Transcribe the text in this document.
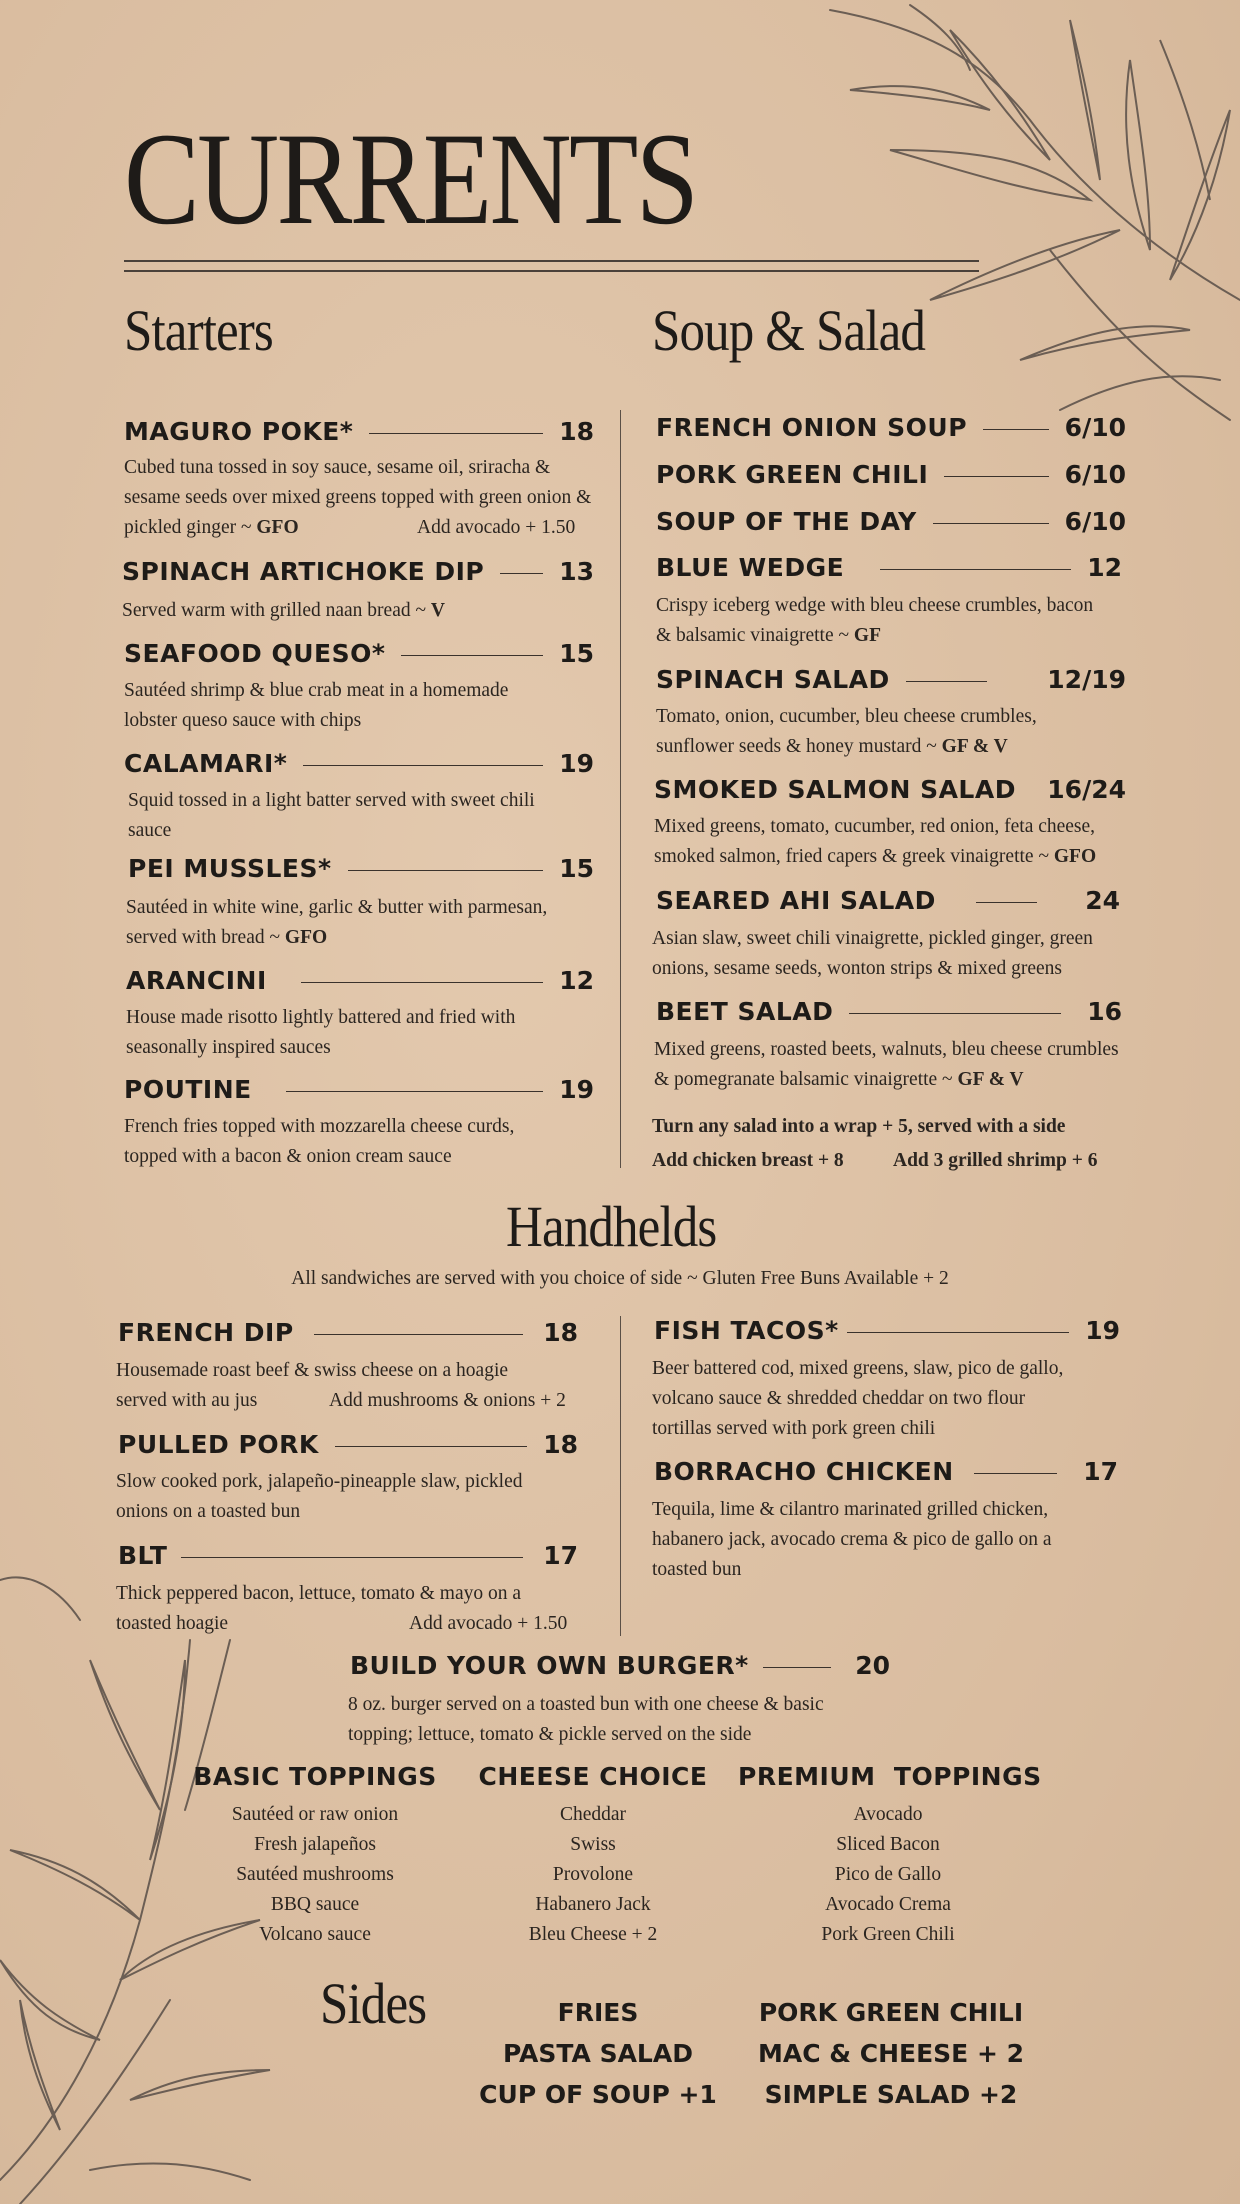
CURRENTS
Starters	Soup & Salad
MAGURO POKE*	18
Cubed tuna tossed in soy sauce, sesame oil, sriracha & sesame seeds over mixed greens topped with green onion & pickled ginger ~ GFO	Add avocado + 1.50
SPINACH ARTICHOKE DIP	13
Served warm with grilled naan bread ~ V
SEAFOOD QUESO*	15
Sautéed shrimp & blue crab meat in a homemade lobster queso sauce with chips
CALAMARI*	19
Squid tossed in a light batter served with sweet chili sauce
PEI MUSSLES*	15
Sautéed in white wine, garlic & butter with parmesan, served with bread ~ GFO
ARANCINI	12
House made risotto lightly battered and fried with seasonally inspired sauces
POUTINE	19
French fries topped with mozzarella cheese curds, topped with a bacon & onion cream sauce
FRENCH ONION SOUP	6/10
PORK GREEN CHILI	6/10
SOUP OF THE DAY	6/10
BLUE WEDGE	12
Crispy iceberg wedge with bleu cheese crumbles, bacon & balsamic vinaigrette ~ GF
SPINACH SALAD	12/19
Tomato, onion, cucumber, bleu cheese crumbles, sunflower seeds & honey mustard ~ GF & V
SMOKED SALMON SALAD 16/24
Mixed greens, tomato, cucumber, red onion, feta cheese, smoked salmon, fried capers & greek vinaigrette ~ GFO
SEARED AHI SALAD	24
Asian slaw, sweet chili vinaigrette, pickled ginger, green onions, sesame seeds, wonton strips & mixed greens
BEET SALAD	16
Mixed greens, roasted beets, walnuts, bleu cheese crumbles & pomegranate balsamic vinaigrette ~ GF & V
Turn any salad into a wrap + 5, served with a side
Add chicken breast + 8	Add 3 grilled shrimp + 6
Handhelds
All sandwiches are served with you choice of side ~ Gluten Free Buns Available + 2
FRENCH DIP	18
Housemade roast beef & swiss cheese on a hoagie served with au jus	Add mushrooms & onions + 2
PULLED PORK	18
Slow cooked pork, jalapeño-pineapple slaw, pickled onions on a toasted bun
BLT	17
Thick peppered bacon, lettuce, tomato & mayo on a toasted hoagie	Add avocado + 1.50
FISH TACOS*	19
Beer battered cod, mixed greens, slaw, pico de gallo, volcano sauce & shredded cheddar on two flour tortillas served with pork green chili
BORRACHO CHICKEN	17
Tequila, lime & cilantro marinated grilled chicken, habanero jack, avocado crema & pico de gallo on a toasted bun
BUILD YOUR OWN BURGER*	20
8 oz. burger served on a toasted bun with one cheese & basic topping; lettuce, tomato & pickle served on the side
BASIC TOPPINGS
Sautéed or raw onion
Fresh jalapeños
Sautéed mushrooms
BBQ sauce
Volcano sauce
CHEESE CHOICE
Cheddar
Swiss
Provolone
Habanero Jack
Bleu Cheese + 2
PREMIUM  TOPPINGS
Avocado
Sliced Bacon
Pico de Gallo
Avocado Crema
Pork Green Chili
Sides	FRIES
PASTA SALAD
CUP OF SOUP +1
PORK GREEN CHILI
MAC & CHEESE + 2
SIMPLE SALAD +2
